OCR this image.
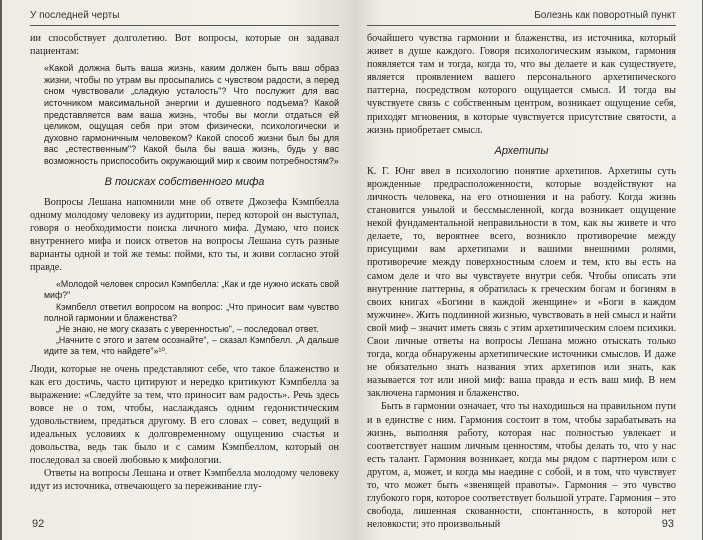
У последней черты

ии способствует долголетию. Вот вопросы, которые он задавал пациентам:

«Какой должна быть ваша жизнь, каким должен быть ваш образ жизни, чтобы по утрам вы просыпались с чувством радости, а перед сном чувствовали „сладкую усталость"? Что послужит для вас источником максимальной энергии и душевного подъема? Какой представляется вам ваша жизнь, чтобы вы могли отдаться ей целиком, ощущая себя при этом физически, психологически и духовно гармоничным человеком? Какой способ жизни был бы для вас „естественным"? Какой была бы ваша жизнь, будь у вас возможность приспособить окружающий мир к своим потребностям?»

В поисках собственного мифа

Вопросы Лешана напомнили мне об ответе Джозефа Кэмпбелла одному молодому человеку из аудитории, перед которой он выступал, говоря о необходимости поиска личного мифа. Думаю, что поиск внутреннего мифа и поиск ответов на вопросы Лешана суть разные варианты одной и той же темы: пойми, кто ты, и живи согласно этой правде.

«Молодой человек спросил Кэмпбелла: „Как и где нужно искать свой миф?"

Кэмпбелл ответил вопросом на вопрос: „Что приносит вам чувство полной гармонии и блаженства?

„Не знаю, не могу сказать с уверенностью", – последовал ответ.

„Начните с этого и затем осознайте“, – сказал Кэмпбелл. „А дальше идите за тем, что найдете"»¹⁰.

Люди, которые не очень представляют себе, что такое блаженство и как его достичь, часто цитируют и нередко критикуют Кэмпбелла за выражение: «Следуйте за тем, что приносит вам радость». Речь здесь вовсе не о том, чтобы, наслаждаясь одним гедонистическим удовольствием, предаться другому. В его словах – совет, ведущий в идеальных условиях к долговременному ощущению счастья и довольства, ведь так было и с самим Кэмпбеллом, который он последовал за своей любовью к мифологии.

Ответы на вопросы Лешана и ответ Кэмпбелла молодому человеку идут из источника, отвечающего за переживание глу-

92
Болезнь как поворотный пункт

бочайшего чувства гармонии и блаженства, из источника, который живет в душе каждого. Говоря психологическим языком, гармония появляется там и тогда, когда то, что вы делаете и как существуете, является проявлением вашего персонального архетипического паттерна, посредством которого ощущается смысл. И тогда вы чувствуете связь с собственным центром, возникает ощущение себя, приходят мгновения, в которые чувствуется присутствие святости, а жизнь приобретает смысл.

Архетипы

К. Г. Юнг ввел в психологию понятие архетипов. Архетипы суть врожденные предрасположенности, которые воздействуют на личность человека, на его отношения и на работу. Когда жизнь становится унылой и бессмысленной, когда возникает ощущение некой фундаментальной неправильности в том, как вы живете и что делаете, то, вероятнее всего, возникло противоречие между присущими вам архетипами и вашими внешними ролями, противоречие между поверхностным слоем и тем, кто вы есть на самом деле и что вы чувствуете внутри себя. Чтобы описать эти внутренние паттерны, я обратилась к греческим богам и богиням в своих книгах «Богини в каждой женщине» и «Боги в каждом мужчине». Жить подлинной жизнью, чувствовать в ней смысл и найти свой миф – значит иметь связь с этим архетипическим слоем психики. Свои личные ответы на вопросы Лешана можно отыскать только тогда, когда обнаружены архетипические источники смыслов. И даже не обязательно знать названия этих архетипов или знать, как называется тот или иной миф: ваша правда и есть ваш миф. В нем заключена гармония и блаженство.

Быть в гармонии означает, что ты находишься на правильном пути и в единстве с ним. Гармония состоит в том, чтобы зарабатывать на жизнь, выполняя работу, которая нас полностью увлекает и соответствует нашим личным ценностям, чтобы делать то, что у нас есть талант. Гармония возникает, когда мы рядом с партнером или с другом, а, может, и когда мы наедине с собой, и в том, что чувствует то, что может быть «звенящей правоты». Гармония – это чувство глубокого горя, которое соответствует большой утрате. Гармония – это свобода, лишенная скованности, спонтанность, в которой нет неловкости; это произвольный	93
